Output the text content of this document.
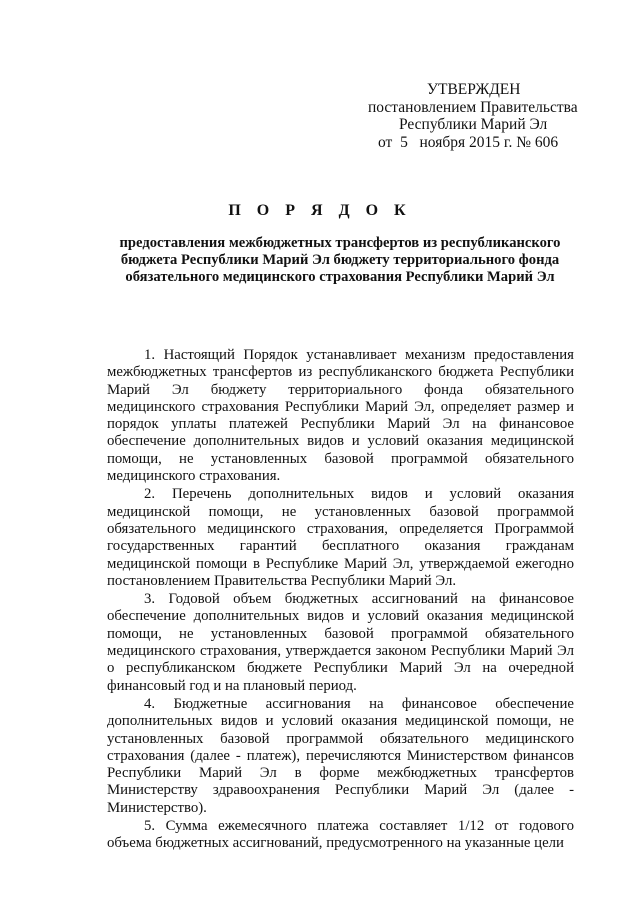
УТВЕРЖДЕН
постановлением Правительства
Республики Марий Эл
от  5   ноября 2015 г. № 606
П О Р Я Д О К
предоставления межбюджетных трансфертов из республиканского бюджета Республики Марий Эл бюджету территориального фонда обязательного медицинского страхования Республики Марий Эл

1. Настоящий Порядок устанавливает механизм предоставления межбюджетных трансфертов из республиканского бюджета Республики Марий Эл бюджету территориального фонда обязательного медицинского страхования Республики Марий Эл, определяет размер и порядок уплаты платежей Республики Марий Эл на финансовое обеспечение дополнительных видов и условий оказания медицинской помощи, не установленных базовой программой обязательного медицинского страхования.

2. Перечень дополнительных видов и условий оказания медицинской помощи, не установленных базовой программой обязательного медицинского страхования, определяется Программой государственных гарантий бесплатного оказания гражданам медицинской помощи в Республике Марий Эл, утверждаемой ежегодно постановлением Правительства Республики Марий Эл.

3. Годовой объем бюджетных ассигнований на финансовое обеспечение дополнительных видов и условий оказания медицинской помощи, не установленных базовой программой обязательного медицинского страхования, утверждается законом Республики Марий Эл о республиканском бюджете Республики Марий Эл на очередной финансовый год и на плановый период.

4. Бюджетные ассигнования на финансовое обеспечение дополнительных видов и условий оказания медицинской помощи, не установленных базовой программой обязательного медицинского страхования (далее - платеж), перечисляются Министерством финансов Республики Марий Эл в форме межбюджетных трансфертов Министерству здравоохранения Республики Марий Эл (далее - Министерство).

5. Сумма ежемесячного платежа составляет 1/12 от годового объема бюджетных ассигнований, предусмотренного на указанные цели
